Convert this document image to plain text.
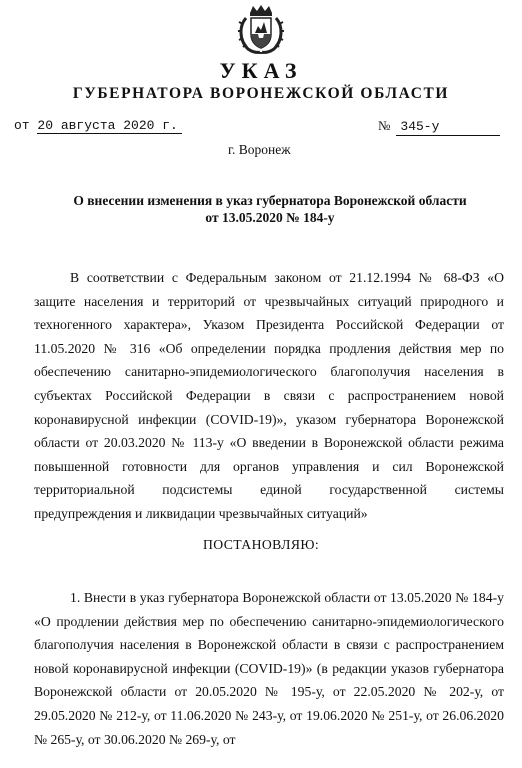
УКАЗ
ГУБЕРНАТОРА ВОРОНЕЖСКОЙ ОБЛАСТИ
от 20 августа 2020 г.	№ 345-у
г. Воронеж
О внесении изменения в указ губернатора Воронежской области
от 13.05.2020 № 184-у
В соответствии с Федеральным законом от 21.12.1994 № 68-ФЗ «О защите населения и территорий от чрезвычайных ситуаций природного и техногенного характера», Указом Президента Российской Федерации от 11.05.2020 № 316 «Об определении порядка продления действия мер по обеспечению санитарно-эпидемиологического благополучия населения в субъектах Российской Федерации в связи с распространением новой коронавирусной инфекции (COVID-19)», указом губернатора Воронежской области от 20.03.2020 № 113-у «О введении в Воронежской области режима повышенной готовности для органов управления и сил Воронежской территориальной подсистемы единой государственной системы предупреждения и ликвидации чрезвычайных ситуаций»
ПОСТАНОВЛЯЮ:
1. Внести в указ губернатора Воронежской области от 13.05.2020 № 184-у «О продлении действия мер по обеспечению санитарно-эпидемиологического благополучия населения в Воронежской области в связи с распространением новой коронавирусной инфекции (COVID-19)» (в редакции указов губернатора Воронежской области от 20.05.2020 № 195-у, от 22.05.2020 № 202-у, от 29.05.2020 № 212-у, от 11.06.2020 № 243-у, от 19.06.2020 № 251-у, от 26.06.2020 № 265-у, от 30.06.2020 № 269-у, от
